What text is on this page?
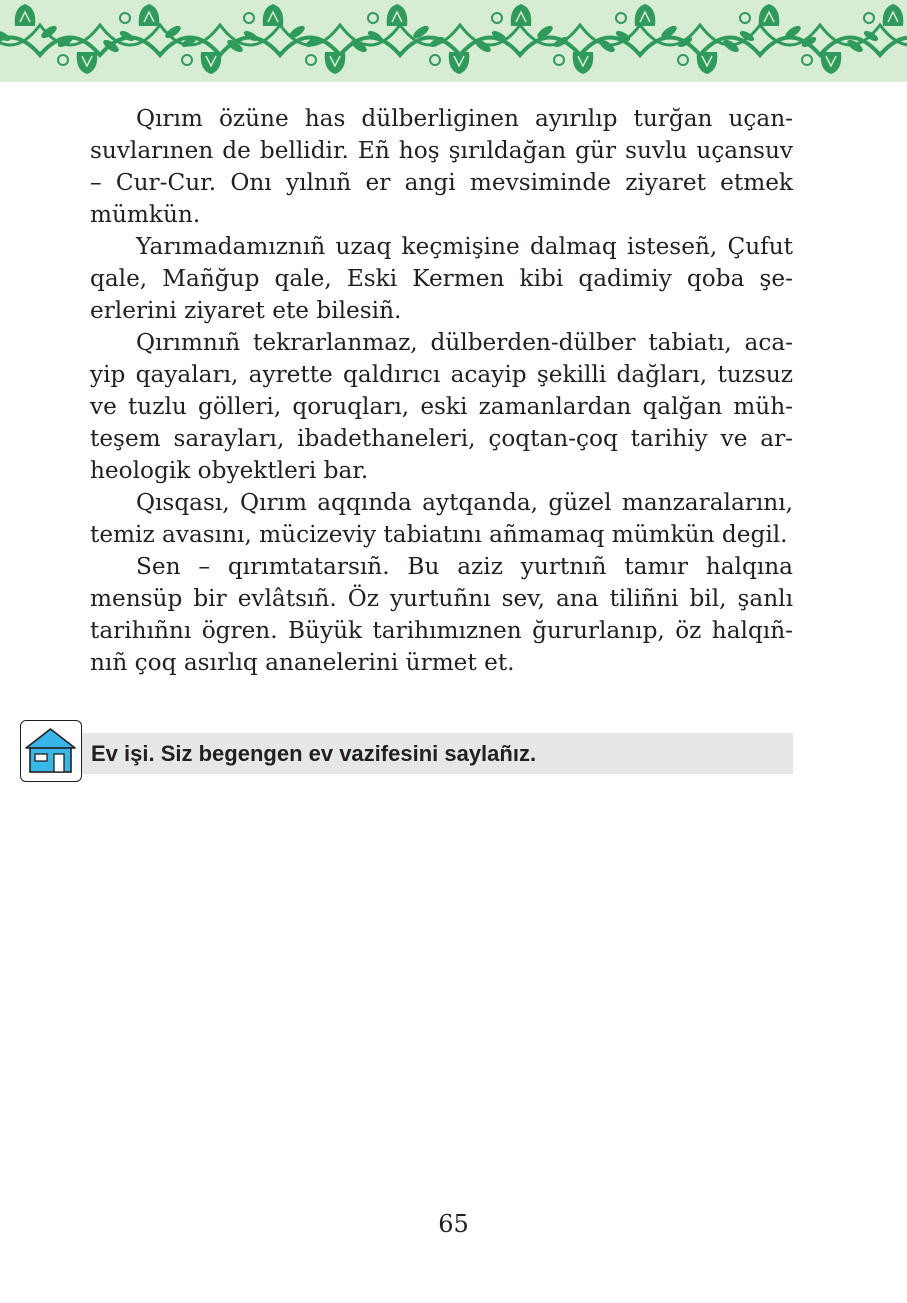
Qırım özüne has dülberliginen ayırılıp turğan uçansuvlarınen de bellidir. Eñ hoş şırıldağan gür suvlu uçansuv – Cur-Cur. Onı yılnıñ er angi mevsiminde ziyaret etmek mümkün.

Yarımadamıznıñ uzaq keçmişine dalmaq isteseñ, Çufut qale, Mañğup qale, Eski Kermen kibi qadimiy qoba şeerlerini ziyaret ete bilesiñ.

Qırımnıñ tekrarlanmaz, dülberden-dülber tabiatı, acayip qayaları, ayrette qaldırıcı acayip şekilli dağları, tuzsuz ve tuzlu gölleri, qoruqları, eski zamanlardan qalğan mühteşem sarayları, ibadethaneleri, çoqtan-çoq tarihiy ve arheologik obyektleri bar.

Qısqası, Qırım aqqında aytqanda, güzel manzaralarını, temiz avasını, mücizeviy tabiatını añmamaq mümkün degil.

Sen – qırımtatarsıñ. Bu aziz yurtnıñ tamır halqına mensüp bir evlâtsıñ. Öz yurtuñnı sev, ana tiliñni bil, şanlı tarihıñnı ögren. Büyük tarihımıznen ğururlanıp, öz halqıñnıñ çoq asırlıq ananelerini ürmet et.

Ev işi. Siz begengen ev vazifesini saylañız.
65
